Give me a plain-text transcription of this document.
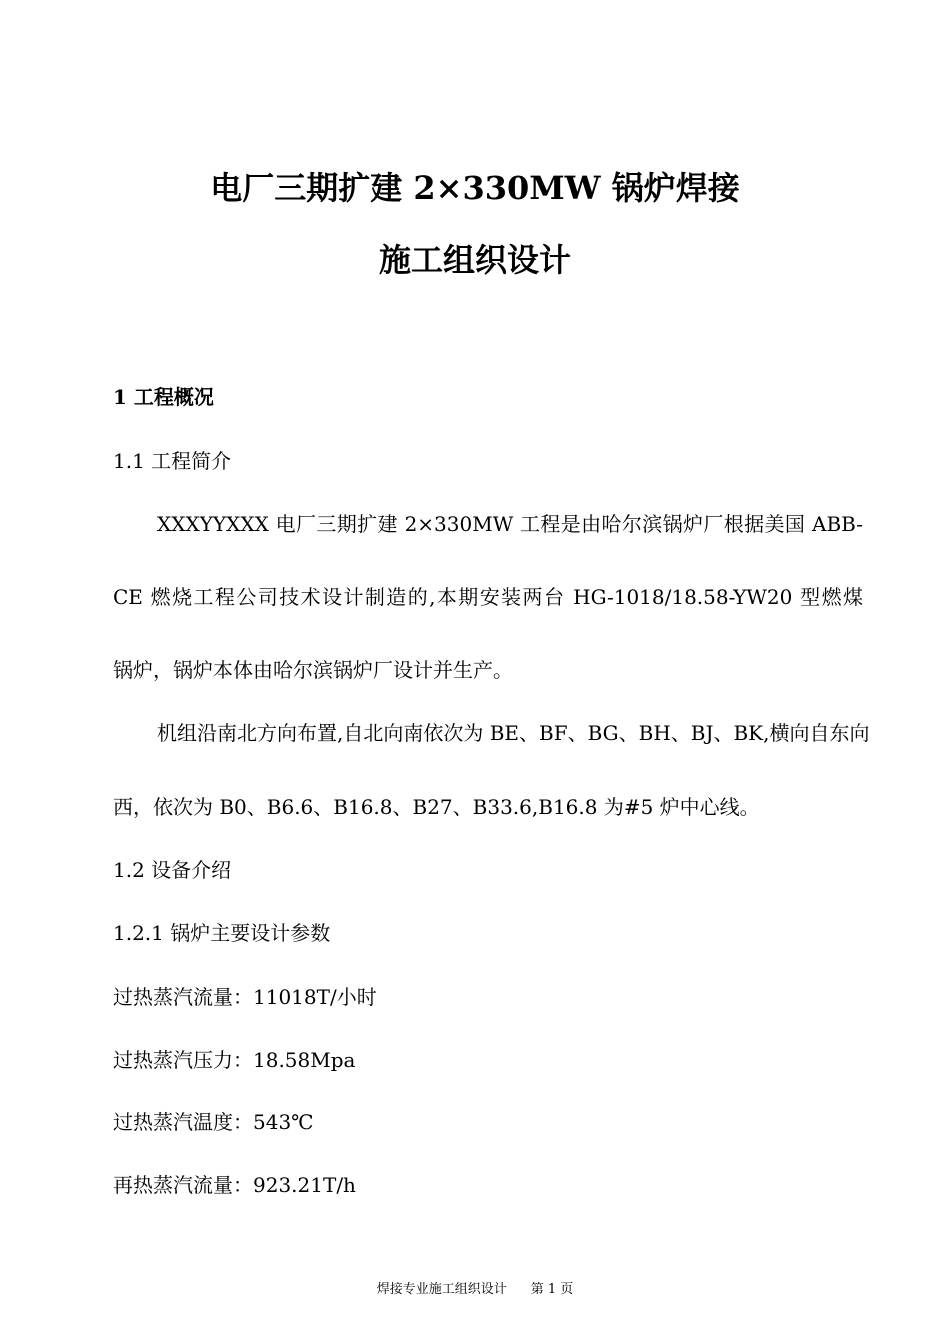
电厂三期扩建 2×330MW 锅炉焊接
施工组织设计
1 工程概况
1.1 工程简介
XXXYYXXX 电厂三期扩建 2×330MW 工程是由哈尔滨锅炉厂根据美国 ABB-
CE 燃烧工程公司技术设计制造的,本期安装两台 HG-1018/18.58-YW20 型燃煤
锅炉，锅炉本体由哈尔滨锅炉厂设计并生产。
机组沿南北方向布置,自北向南依次为 BE、BF、BG、BH、BJ、BK,横向自东向
西，依次为 B0、B6.6、B16.8、B27、B33.6,B16.8 为#5 炉中心线。
1.2 设备介绍
1.2.1 锅炉主要设计参数
过热蒸汽流量：11018T/小时
过热蒸汽压力：18.58Mpa
过热蒸汽温度：543℃
再热蒸汽流量：923.21T/h
焊接专业施工组织设计 第 1 页
